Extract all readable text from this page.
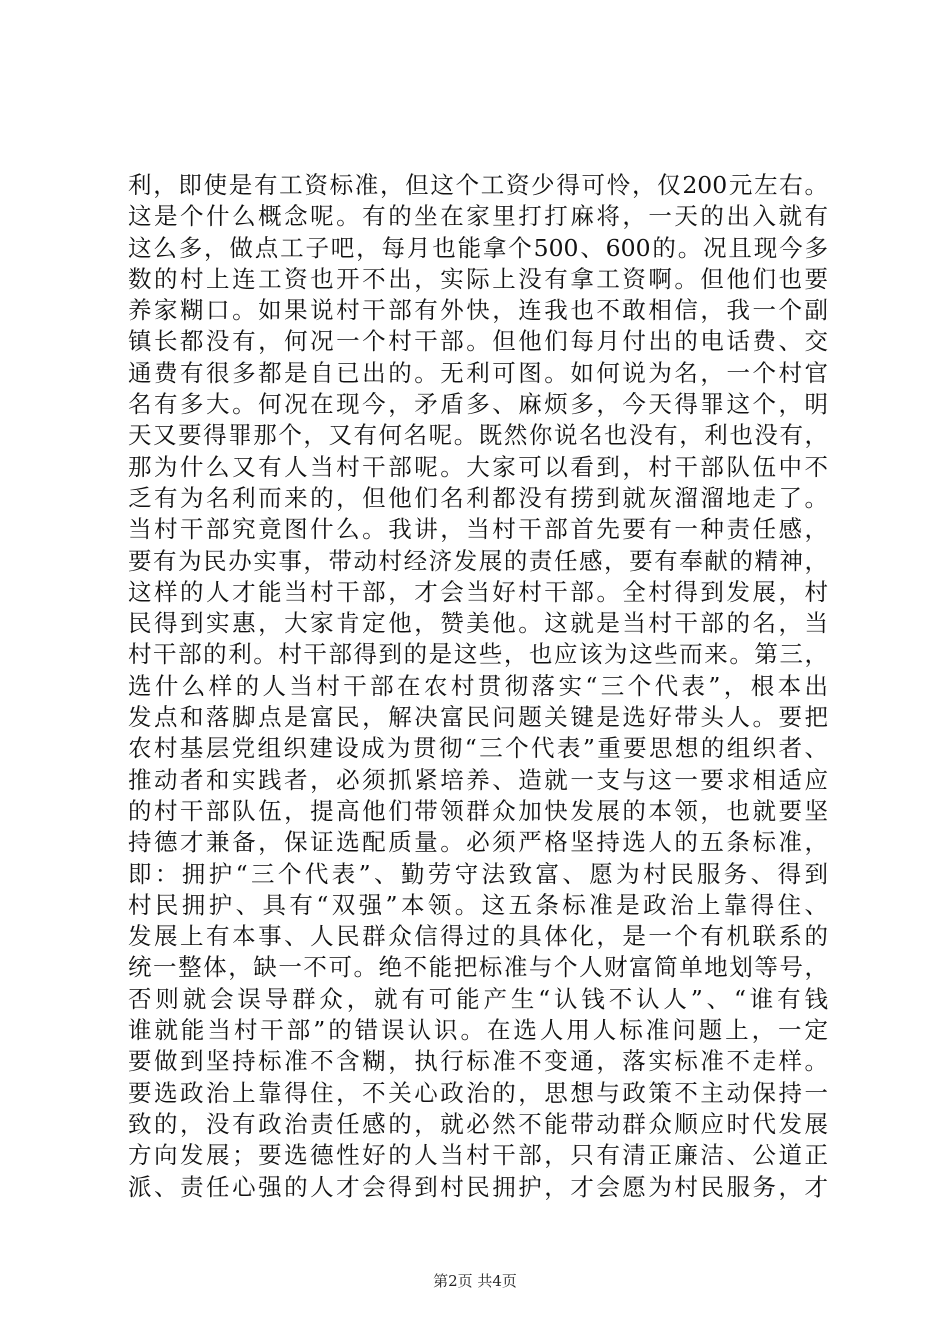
利，即使是有工资标准，但这个工资少得可怜，仅200元左右。
这是个什么概念呢。有的坐在家里打打麻将，一天的出入就有
这么多，做点工子吧，每月也能拿个500、600的。况且现今多
数的村上连工资也开不出，实际上没有拿工资啊。但他们也要
养家糊口。如果说村干部有外快，连我也不敢相信，我一个副
镇长都没有，何况一个村干部。但他们每月付出的电话费、交
通费有很多都是自已出的。无利可图。如何说为名，一个村官
名有多大。何况在现今，矛盾多、麻烦多，今天得罪这个，明
天又要得罪那个，又有何名呢。既然你说名也没有，利也没有，
那为什么又有人当村干部呢。大家可以看到，村干部队伍中不
乏有为名利而来的，但他们名利都没有捞到就灰溜溜地走了。
当村干部究竟图什么。我讲，当村干部首先要有一种责任感，
要有为民办实事，带动村经济发展的责任感，要有奉献的精神，
这样的人才能当村干部，才会当好村干部。全村得到发展，村
民得到实惠，大家肯定他，赞美他。这就是当村干部的名，当
村干部的利。村干部得到的是这些，也应该为这些而来。第三，
选什么样的人当村干部在农村贯彻落实“三个代表”，根本出
发点和落脚点是富民，解决富民问题关键是选好带头人。要把
农村基层党组织建设成为贯彻“三个代表”重要思想的组织者、
推动者和实践者，必须抓紧培养、造就一支与这一要求相适应
的村干部队伍，提高他们带领群众加快发展的本领，也就要坚
持德才兼备，保证选配质量。必须严格坚持选人的五条标准，
即：拥护“三个代表”、勤劳守法致富、愿为村民服务、得到
村民拥护、具有“双强”本领。这五条标准是政治上靠得住、
发展上有本事、人民群众信得过的具体化，是一个有机联系的
统一整体，缺一不可。绝不能把标准与个人财富简单地划等号，
否则就会误导群众，就有可能产生“认钱不认人”、“谁有钱
谁就能当村干部”的错误认识。在选人用人标准问题上，一定
要做到坚持标准不含糊，执行标准不变通，落实标准不走样。
要选政治上靠得住，不关心政治的，思想与政策不主动保持一
致的，没有政治责任感的，就必然不能带动群众顺应时代发展
方向发展；要选德性好的人当村干部，只有清正廉洁、公道正
派、责任心强的人才会得到村民拥护，才会愿为村民服务，才
第2页 共4页
